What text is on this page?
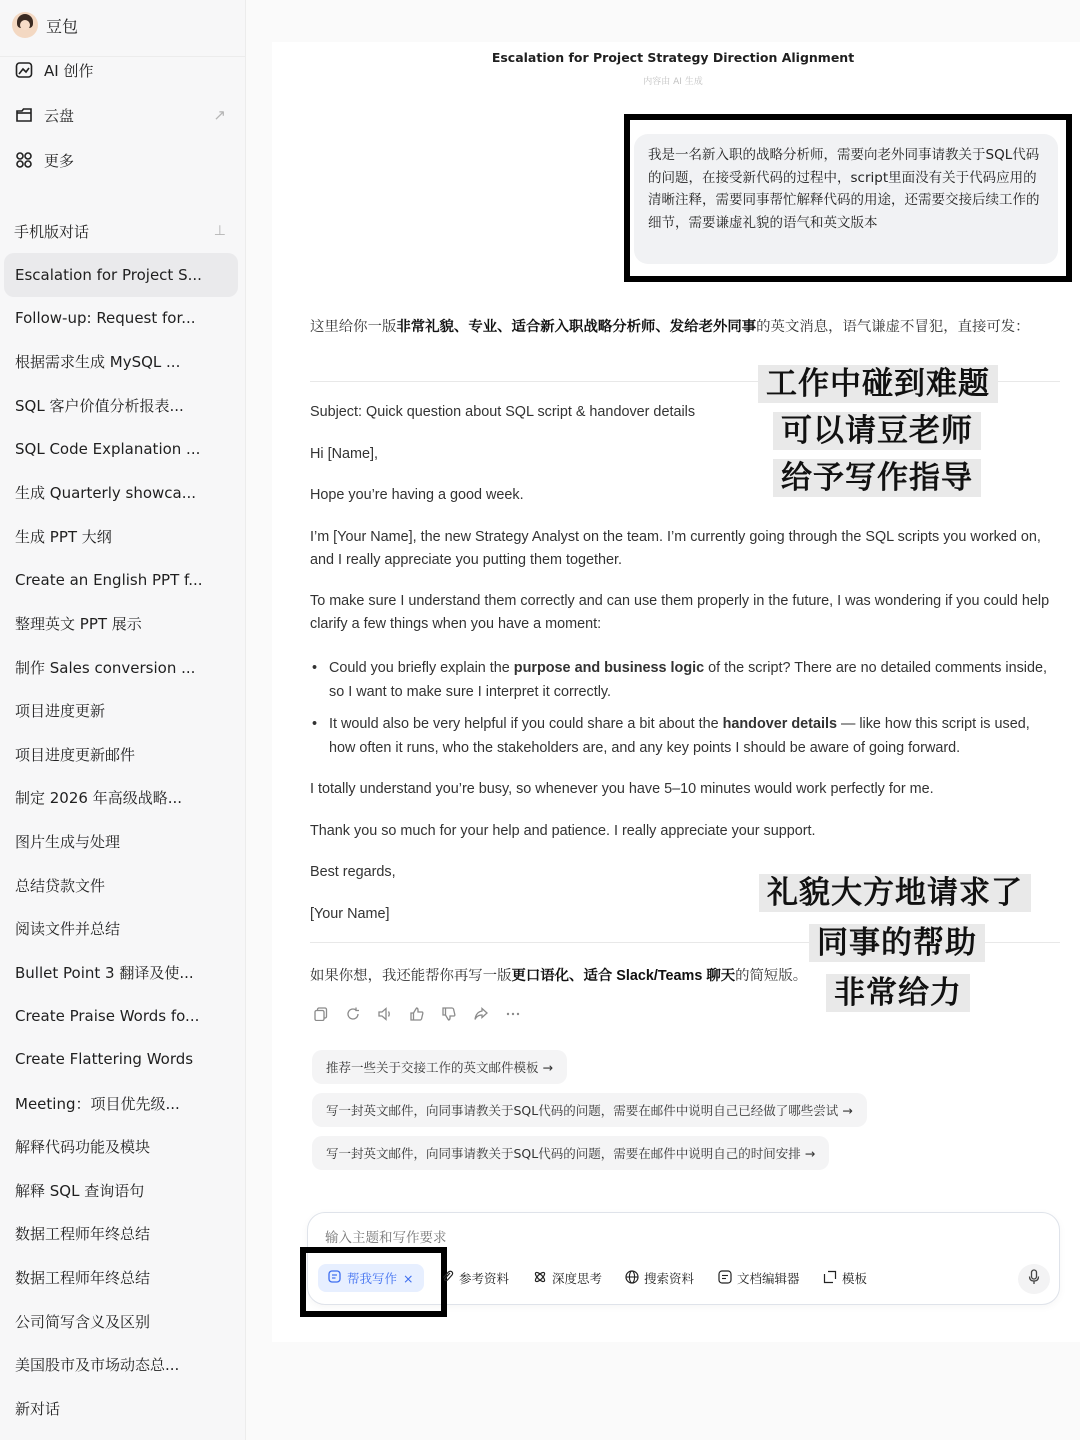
豆包
AI 创作
云盘	↗
更多
手机版对话	⊥
Escalation for Project S...
Follow-up: Request for...
根据需求生成 MySQL ...
SQL 客户价值分析报表...
SQL Code Explanation ...
生成 Quarterly showca...
生成 PPT 大纲
Create an English PPT f...
整理英文 PPT 展示
制作 Sales conversion ...
项目进度更新
项目进度更新邮件
制定 2026 年高级战略...
图片生成与处理
总结贷款文件
阅读文件并总结
Bullet Point 3 翻译及使...
Create Praise Words fo...
Create Flattering Words
Meeting：项目优先级...
解释代码功能及模块
解释 SQL 查询语句
数据工程师年终总结
数据工程师年终总结
公司简写含义及区别
美国股市及市场动态总...
新对话
Escalation for Project Strategy Direction Alignment
内容由 AI 生成
我是一名新入职的战略分析师，需要向老外同事请教关于SQL代码的问题，在接受新代码的过程中，script里面没有关于代码应用的清晰注释，需要同事帮忙解释代码的用途，还需要交接后续工作的细节，需要谦虚礼貌的语气和英文版本
这里给你一版非常礼貌、专业、适合新入职战略分析师、发给老外同事的英文消息，语气谦虚不冒犯，直接可发：
Subject: Quick question about SQL script & handover details
Hi [Name],
Hope you’re having a good week.
I’m [Your Name], the new Strategy Analyst on the team. I’m currently going through the SQL scripts you worked on, and I really appreciate you putting them together.
To make sure I understand them correctly and can use them properly in the future, I was wondering if you could help clarify a few things when you have a moment:
• Could you briefly explain the purpose and business logic of the script? There are no detailed comments inside, so I want to make sure I interpret it correctly.
• It would also be very helpful if you could share a bit about the handover details — like how this script is used, how often it runs, who the stakeholders are, and any key points I should be aware of going forward.
I totally understand you’re busy, so whenever you have 5–10 minutes would work perfectly for me.
Thank you so much for your help and patience. I really appreciate your support.
Best regards,
[Your Name]
如果你想，我还能帮你再写一版更口语化、适合 Slack/Teams 聊天的简短版。
工作中碰到难题
可以请豆老师
给予写作指导
礼貌大方地请求了
同事的帮助
非常给力
推荐一些关于交接工作的英文邮件模板 →
写一封英文邮件，向同事请教关于SQL代码的问题，需要在邮件中说明自己已经做了哪些尝试 →
写一封英文邮件，向同事请教关于SQL代码的问题，需要在邮件中说明自己的时间安排 →
输入主题和写作要求
帮我写作 ×	参考资料	深度思考	搜索资料	文档编辑器	模板
